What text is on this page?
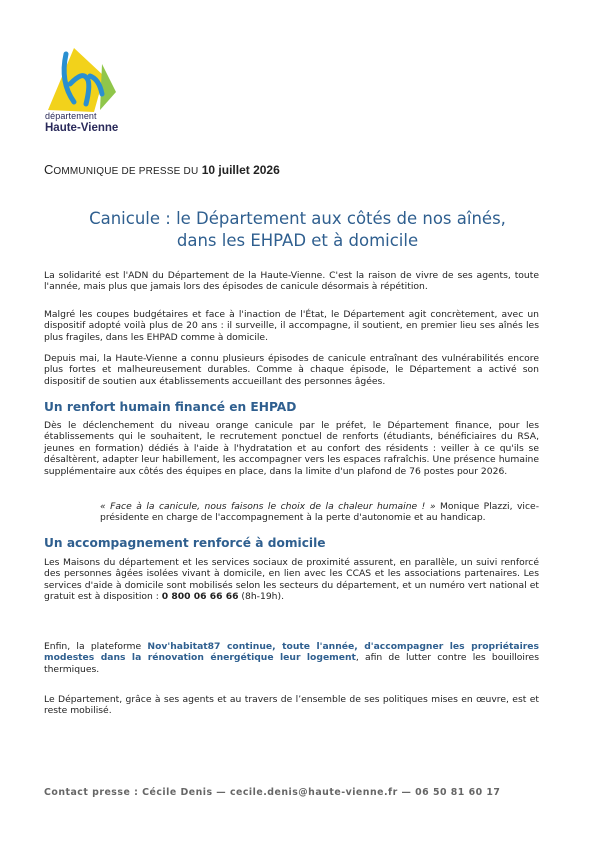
département
Haute-Vienne
COMMUNIQUE DE PRESSE DU 10 juillet 2026
Canicule : le Département aux côtés de nos aînés,
dans les EHPAD et à domicile
La solidarité est l'ADN du Département de la Haute-Vienne. C'est la raison de vivre de ses agents, toute l'année, mais plus que jamais lors des épisodes de canicule désormais à répétition.
Malgré les coupes budgétaires et face à l'inaction de l'État, le Département agit concrètement, avec un dispositif adopté voilà plus de 20 ans : il surveille, il accompagne, il soutient, en premier lieu ses aînés les plus fragiles, dans les EHPAD comme à domicile.
Depuis mai, la Haute-Vienne a connu plusieurs épisodes de canicule entraînant des vulnérabilités encore plus fortes et malheureusement durables. Comme à chaque épisode, le Département a activé son dispositif de soutien aux établissements accueillant des personnes âgées.
Un renfort humain financé en EHPAD
Dès le déclenchement du niveau orange canicule par le préfet, le Département finance, pour les établissements qui le souhaitent, le recrutement ponctuel de renforts (étudiants, bénéficiaires du RSA, jeunes en formation) dédiés à l'aide à l'hydratation et au confort des résidents : veiller à ce qu'ils se désaltèrent, adapter leur habillement, les accompagner vers les espaces rafraîchis. Une présence humaine supplémentaire aux côtés des équipes en place, dans la limite d'un plafond de 76 postes pour 2026.
« Face à la canicule, nous faisons le choix de la chaleur humaine ! » Monique Plazzi, vice-présidente en charge de l'accompagnement à la perte d'autonomie et au handicap.
Un accompagnement renforcé à domicile
Les Maisons du département et les services sociaux de proximité assurent, en parallèle, un suivi renforcé des personnes âgées isolées vivant à domicile, en lien avec les CCAS et les associations partenaires. Les services d'aide à domicile sont mobilisés selon les secteurs du département, et un numéro vert national et gratuit est à disposition : 0 800 06 66 66 (8h-19h).
Enfin, la plateforme Nov'habitat87 continue, toute l'année, d'accompagner les propriétaires modestes dans la rénovation énergétique leur logement, afin de lutter contre les bouilloires thermiques.
Le Département, grâce à ses agents et au travers de l’ensemble de ses politiques mises en œuvre, est et reste mobilisé.
Contact presse : Cécile Denis — cecile.denis@haute-vienne.fr — 06 50 81 60 17
